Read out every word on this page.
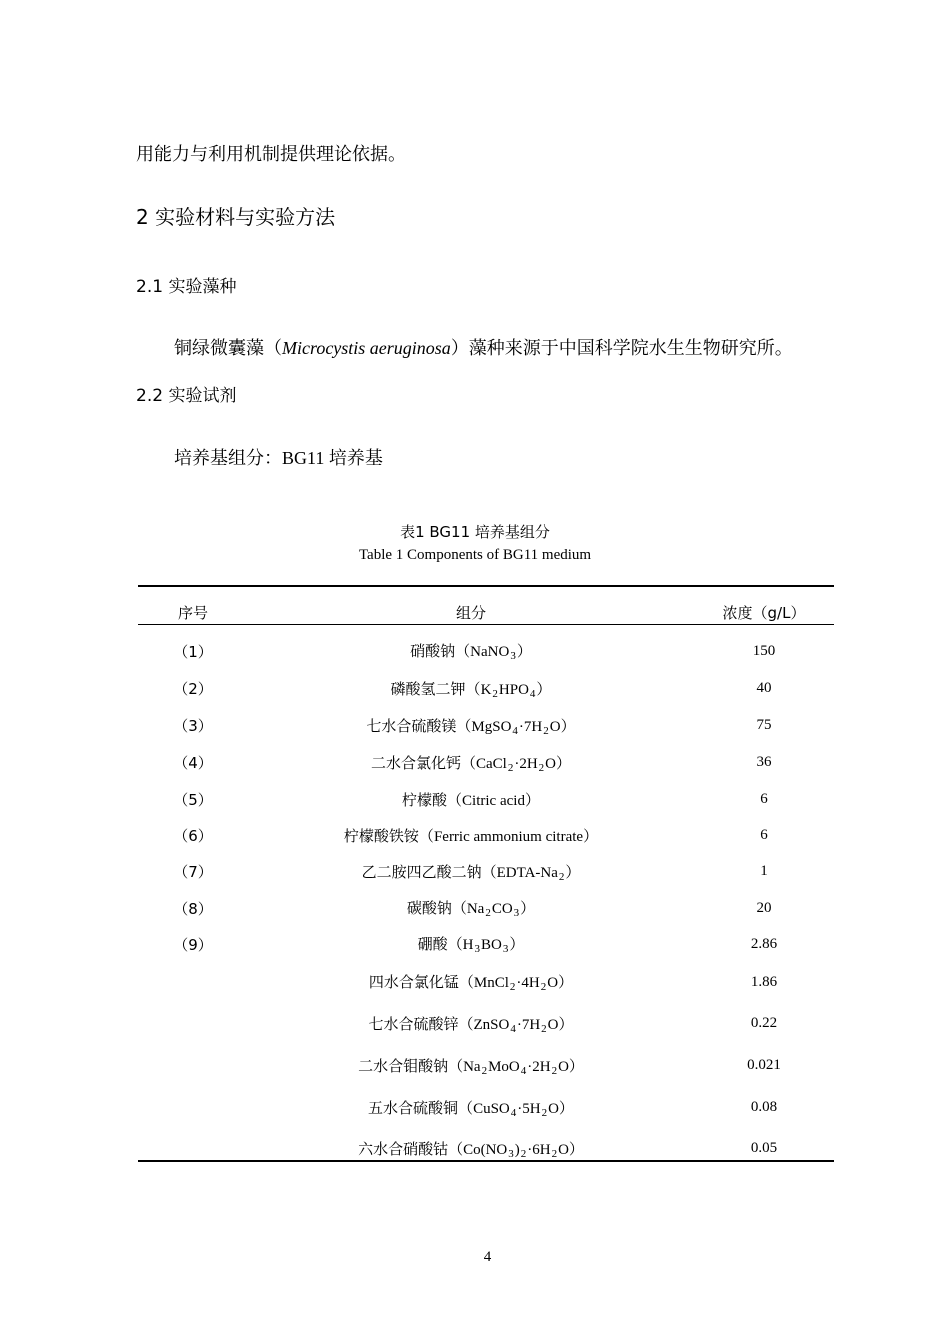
用能力与利用机制提供理论依据。
2 实验材料与实验方法
2.1 实验藻种
铜绿微囊藻（Microcystis aeruginosa）藻种来源于中国科学院水生生物研究所。
2.2 实验试剂
培养基组分：BG11 培养基
表1 BG11 培养基组分
Table 1 Components of BG11 medium
序号	组分	浓度（g/L）
（1）	硝酸钠（NaNO$_3$）	150
（2）	磷酸氢二钾$(K_2HPO_4)$	40
（3）	七水合硫酸镁$(MgSO_4\cdot 7H_2O)$	75
（4）	二水合氯化钙$(CaCl_2\cdot 2H_2O)$	36
（5）	柠檬酸（Citric acid）	6
（6）	柠檬酸铁铵（Ferric ammonium citrate）	6
（7）	乙二胺四乙酸二钠$(EDTA-Na_2)$	1
（8）	碳酸钠$(Na_2CO_3)$	20
（9）	硼酸$(H_3BO_3)$	2.86
	四水合氯化锰$(MnCl_2\cdot 4H_2O)$	1.86
	七水合硫酸锌$(ZnSO_4\cdot 7H_2O)$	0.22
	二水合钼酸钠$(Na_2MoO_4\cdot 2H_2O)$	0.021
	五水合硫酸铜$(CuSO_4\cdot 5H_2O)$	0.08
	六水合硝酸钴$(Co(NO_3)_2\cdot 6H_2O)$	0.05
4
